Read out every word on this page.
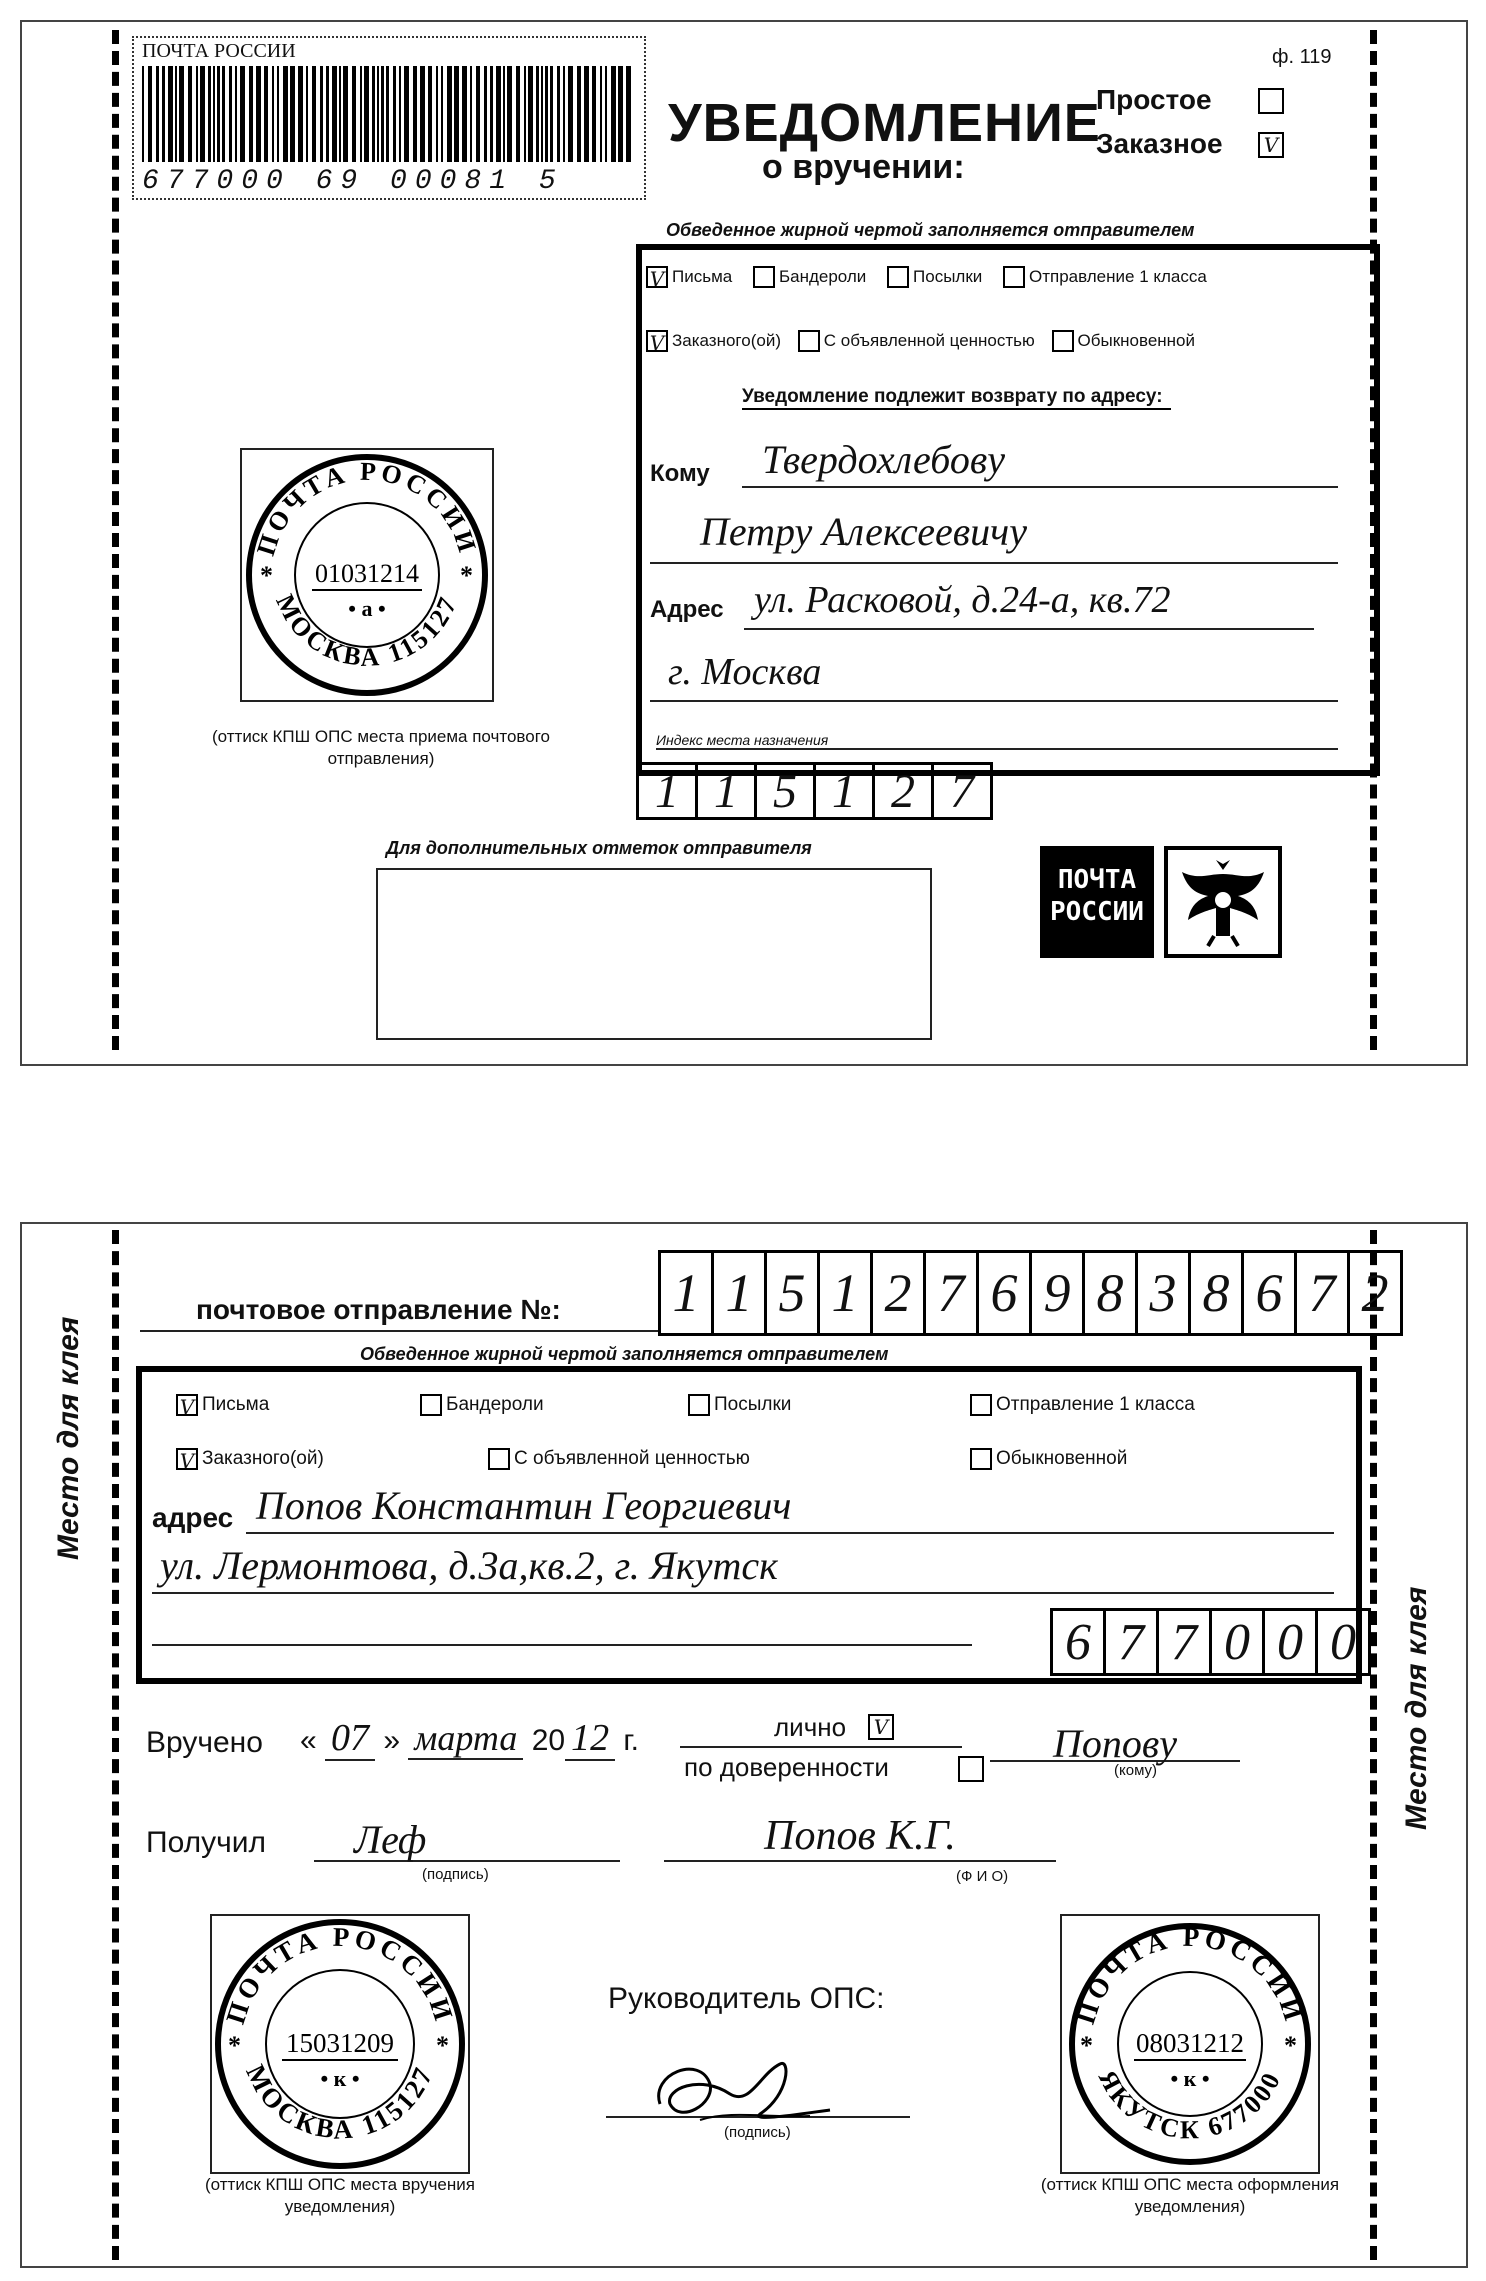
ПОЧТА РОССИИ
677000 69 00081 5
ф. 119
УВЕДОМЛЕНИЕ
о вручении:
Простое
Заказное V
Обведенное жирной чертой заполняется отправителем
V Письма	Бандероли	Посылки	Отправление 1 класса
V Заказного(ой)	С объявленной ценностью	Обыкновенной
Уведомление подлежит возврату по адресу:
Кому	Твердохлебову
Петру Алексеевичу
Адрес ул. Расковой, д.24-а, кв.72
г. Москва
Индекс места назначения
1 1 5 1 2 7
ПОЧТА РОССИИ
МОСКВА 115127
01031214
• а •
*	*
(оттиск КПШ ОПС места приема почтового отправления)
Для дополнительных отметок отправителя
ПОЧТА РОССИИ
Место для клея
почтовое отправление №: 1 1 5 1 2 7 6 9 8 3 8 6 7 2
Обведенное жирной чертой заполняется отправителем
V Письма	Бандероли	Посылки	Отправление 1 класса
V Заказного(ой)	С объявленной ценностью	Обыкновенной
адрес Попов Константин Георгиевич
ул. Лермонтова, д.3а,кв.2, г. Якутск
6 7 7 0 0 0
Вручено « 07 » марта 20 12 г.	лично V
по доверенности
Попову
(кому)
Получил	Леф
(подпись)
Попов К.Г.
(Ф И О)
ПОЧТА РОССИИ
МОСКВА 115127
15031209
• к •
*	*
(оттиск КПШ ОПС места вручения уведомления)
Руководитель ОПС:
(подпись)
ПОЧТА РОССИИ
ЯКУТСК 677000
08031212
• к •
*	*
(оттиск КПШ ОПС места оформления уведомления)
